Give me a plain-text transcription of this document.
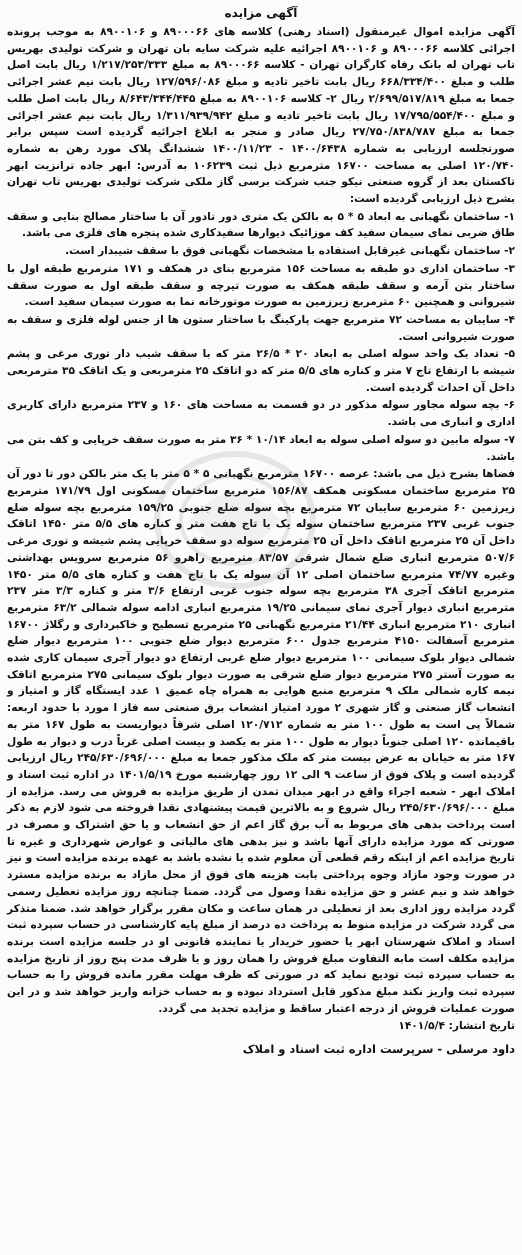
آگهی مزایده

آگهی مزایده اموال غیرمنقول (اسناد رهنی) کلاسه های ۸۹۰۰۰۶۶ و ۸۹۰۰۱۰۶ به موجب پرونده اجرائی کلاسه ۸۹۰۰۰۶۶ و ۸۹۰۰۱۰۶ اجرائیه علیه شرکت سایه بان تهران و شرکت تولیدی بهریس تاب تهران له بانک رفاه کارگران تهران - کلاسه ۸۹۰۰۰۶۶ به مبلغ ۱/۲۱۷/۲۵۳/۳۳۳ ریال بابت اصل طلب و مبلغ ۶۶۸/۳۳۴/۴۰۰ ریال بابت تاخیر تادیه و مبلغ ۱۲۷/۵۹۶/۰۸۶ ریال بابت نیم عشر اجرائی جمعا به مبلغ ۲/۶۹۹/۵۱۷/۸۱۹ ریال ۲- کلاسه ۸۹۰۰۱۰۶ به مبلغ ۸/۶۴۳/۳۴۴/۴۴۵ ریال بابت اصل طلب و مبلغ ۱۷/۷۹۵/۵۵۴/۴۰۰ ریال بابت تاخیر تادیه و مبلغ ۱/۳۱۱/۹۳۹/۹۴۲ ریال بابت نیم عشر اجرائی جمعا به مبلغ ۲۷/۷۵۰/۸۳۸/۷۸۷ ریال صادر و منجر به ابلاغ اجرائیه گردیده است سپس برابر صورتجلسه ارزیابی به شماره ۱۴۰۰/۶۴۳۸ - ۱۴۰۰/۱۱/۲۳ ششدانگ پلاک مورد رهن به شماره ۱۲۰/۷۴۰ اصلی به مساحت ۱۶۷۰۰ مترمربع ذیل ثبت ۱۰۶۲۳۹ به آدرس: ابهر جاده ترانزیت ابهر تاکستان بعد از گروه صنعتی نیکو جنب شرکت برسی گاز ملکی شرکت تولیدی بهریس تاب تهران بشرح ذیل ارزیابی گردیده است:

۱- ساختمان نگهبانی به ابعاد ۵ * ۵ به بالکن یک متری دور تادور آن با ساختار مصالح بنایی و سقف طاق ضربی نمای سیمان سفید کف موزائیک دیوارها سفیدکاری شده پنجره های فلزی می باشد.

۲- ساختمان نگهبانی غیرقابل استفاده با مشخصات نگهبانی فوق با سقف شیبدار است.

۳- ساختمان اداری دو طبقه به مساحت ۱۵۶ مترمربع بنای در همکف و ۱۷۱ مترمربع طبقه اول با ساختار بتن آرمه و سقف طبقه همکف به صورت تیرچه و سقف طبقه اول به صورت سقف شیروانی و همچنین ۶۰ مترمربع زیرزمین به صورت موتورخانه نما به صورت سیمان سفید است.

۴- سایبان به مساحت ۷۲ مترمربع جهت پارکینگ با ساختار ستون ها از جنس لوله فلزی و سقف به صورت شیروانی است.

۵- تعداد یک واحد سوله اصلی به ابعاد ۲۰ * ۲۶/۵ متر که با سقف شیب دار توری مرغی و پشم شیشه با ارتفاع تاج ۷ متر و کناره های ۵/۵ متر که دو اتاقک ۲۵ مترمربعی و یک اتاقک ۳۵ مترمربعی داخل آن احداث گردیده است.

۶- بچه سوله مجاور سوله مذکور در دو قسمت به مساحت های ۱۶۰ و ۲۳۷ مترمربع دارای کاربری اداری و انباری می باشد.

۷- سوله مابین دو سوله اصلی سوله به ابعاد ۱۰/۱۴ * ۳۶ متر به صورت سقف خرپایی و کف بتن می باشد.

فضاها بشرح ذیل می باشد: عرصه ۱۶۷۰۰ مترمربع نگهبانی ۵ * ۵ متر با یک متر بالکن دور تا دور آن ۲۵ مترمربع ساختمان مسکونی همکف ۱۵۶/۸۷ مترمربع ساختمان مسکونی اول ۱۷۱/۷۹ مترمربع زیرزمین ۶۰ مترمربع سایبان ۷۲ مترمربع بچه سوله ضلع جنوبی ۱۵۹/۲۵ مترمربع بچه سوله ضلع جنوب غربی ۲۳۷ مترمربع ساختمان سوله یک با تاج هفت متر و کناره های ۵/۵ متر ۱۴۵۰ اتاقک داخل آن ۲۵ مترمربع اتاقک داخل آن ۲۵ مترمربع سوله دو سقف خرپایی پشم شیشه و توری مرغی ۵۰۷/۶ مترمربع انباری ضلع شمال شرقی ۸۳/۵۷ مترمربع راهرو ۵۶ مترمربع سرویس بهداشتی وغیره ۷۴/۷۷ مترمربع ساختمان اصلی ۱۲ آن سوله یک با تاج هفت و کناره های ۵/۵ متر ۱۴۵۰ مترمربع اتاقک آجری ۳۸ مترمربع بچه سوله جنوب غربی ارتفاع ۳/۶ متر و کناره ۳/۳ متر ۲۳۷ مترمربع انباری دیوار آجری نمای سیمانی ۱۹/۲۵ مترمربع انباری ادامه سوله شمالی ۶۳/۲ مترمربع انباری ۲۱۰ مترمربع انباری ۲۱/۴۴ مترمربع نگهبانی ۲۵ مترمربع تسطیح و خاکبرداری و رگلاژ ۱۶۷۰۰ مترمربع آسفالت ۴۱۵۰ مترمربع جدول ۶۰۰ مترمربع دیوار ضلع جنوبی ۱۰۰ مترمربع دیوار ضلع شمالی دیوار بلوک سیمانی ۱۰۰ مترمربع دیوار ضلع غربی ارتفاع دو دیوار آجری سیمان کاری شده به صورت آستر ۲۷۵ مترمربع دیوار ضلع شرقی به صورت دیوار بلوک سیمانی ۲۷۵ مترمربع اتاقک نیمه کاره شمالی ملک ۹ مترمربع منبع هوایی به همراه چاه عمیق ۱ عدد ایستگاه گاز و امتیاز و انشعاب گاز صنعتی و گاز شهری ۲ مورد امتیاز انشعاب برق صنعتی سه فاز ا مورد با حدود اربعه: شمالاً پی است به طول ۱۰۰ متر به شماره ۱۲۰/۷۱۲ اصلی شرقاً دیواریست به طول ۱۶۷ متر به باقیمانده ۱۲۰ اصلی جنوباً دیوار به طول ۱۰۰ متر به یکصد و بیست اصلی غرباً درب و دیوار به طول ۱۶۷ متر به خیابان به عرض بیست متر که ملک مذکور جمعا به مبلغ ۲۴۵/۶۳۰/۶۹۶/۰۰۰ ریال ارزیابی گردیده است و پلاک فوق از ساعت ۹ الی ۱۲ روز چهارشنبه مورخ ۱۴۰۱/۵/۱۹ در اداره ثبت اسناد و املاک ابهر - شعبه اجراء واقع در ابهر میدان تمدن از طریق مزایده به فروش می رسد. مزایده از مبلغ ۲۴۵/۶۳۰/۶۹۶/۰۰۰ ریال شروع و به بالاترین قیمت پیشنهادی نقدا فروخته می شود لازم به ذکر است پرداخت بدهی های مربوط به آب برق گاز اعم از حق انشعاب و یا حق اشتراک و مصرف در صورتی که مورد مزایده دارای آنها باشد و نیز بدهی های مالیاتی و عوارض شهرداری و غیره تا تاریخ مزایده اعم از اینکه رقم قطعی آن معلوم شده یا نشده باشد به عهده برنده مزایده است و نیز در صورت وجود مازاد وجوه پرداختی بابت هزینه های فوق از محل مازاد به برنده مزایده مسترد خواهد شد و نیم عشر و حق مزایده نقدا وصول می گردد. ضمنا چنانچه روز مزایده تعطیل رسمی گردد مزایده روز اداری بعد از تعطیلی در همان ساعت و مکان مقرر برگزار خواهد شد. ضمنا متذکر می گردد شرکت در مزایده منوط به پرداخت ده درصد از مبلغ پایه کارشناسی در حساب سپرده ثبت اسناد و املاک شهرستان ابهر یا حضور خریدار یا نماینده قانونی او در جلسه مزایده است برنده مزایده مکلف است مابه التفاوت مبلغ فروش را همان روز و یا ظرف مدت پنج روز از تاریخ مزایده به حساب سپرده ثبت تودیع نماید که در صورتی که ظرف مهلت مقرر مانده فروش را به حساب سپرده ثبت واریز نکند مبلغ مذکور قابل استرداد نبوده و به حساب خزانه واریز خواهد شد و در این صورت عملیات فروش از درجه اعتبار ساقط و مزایده تجدید می گردد.

تاریخ انتشار: ۱۴۰۱/۵/۴
داود مرسلی - سرپرست اداره ثبت اسناد و املاک
